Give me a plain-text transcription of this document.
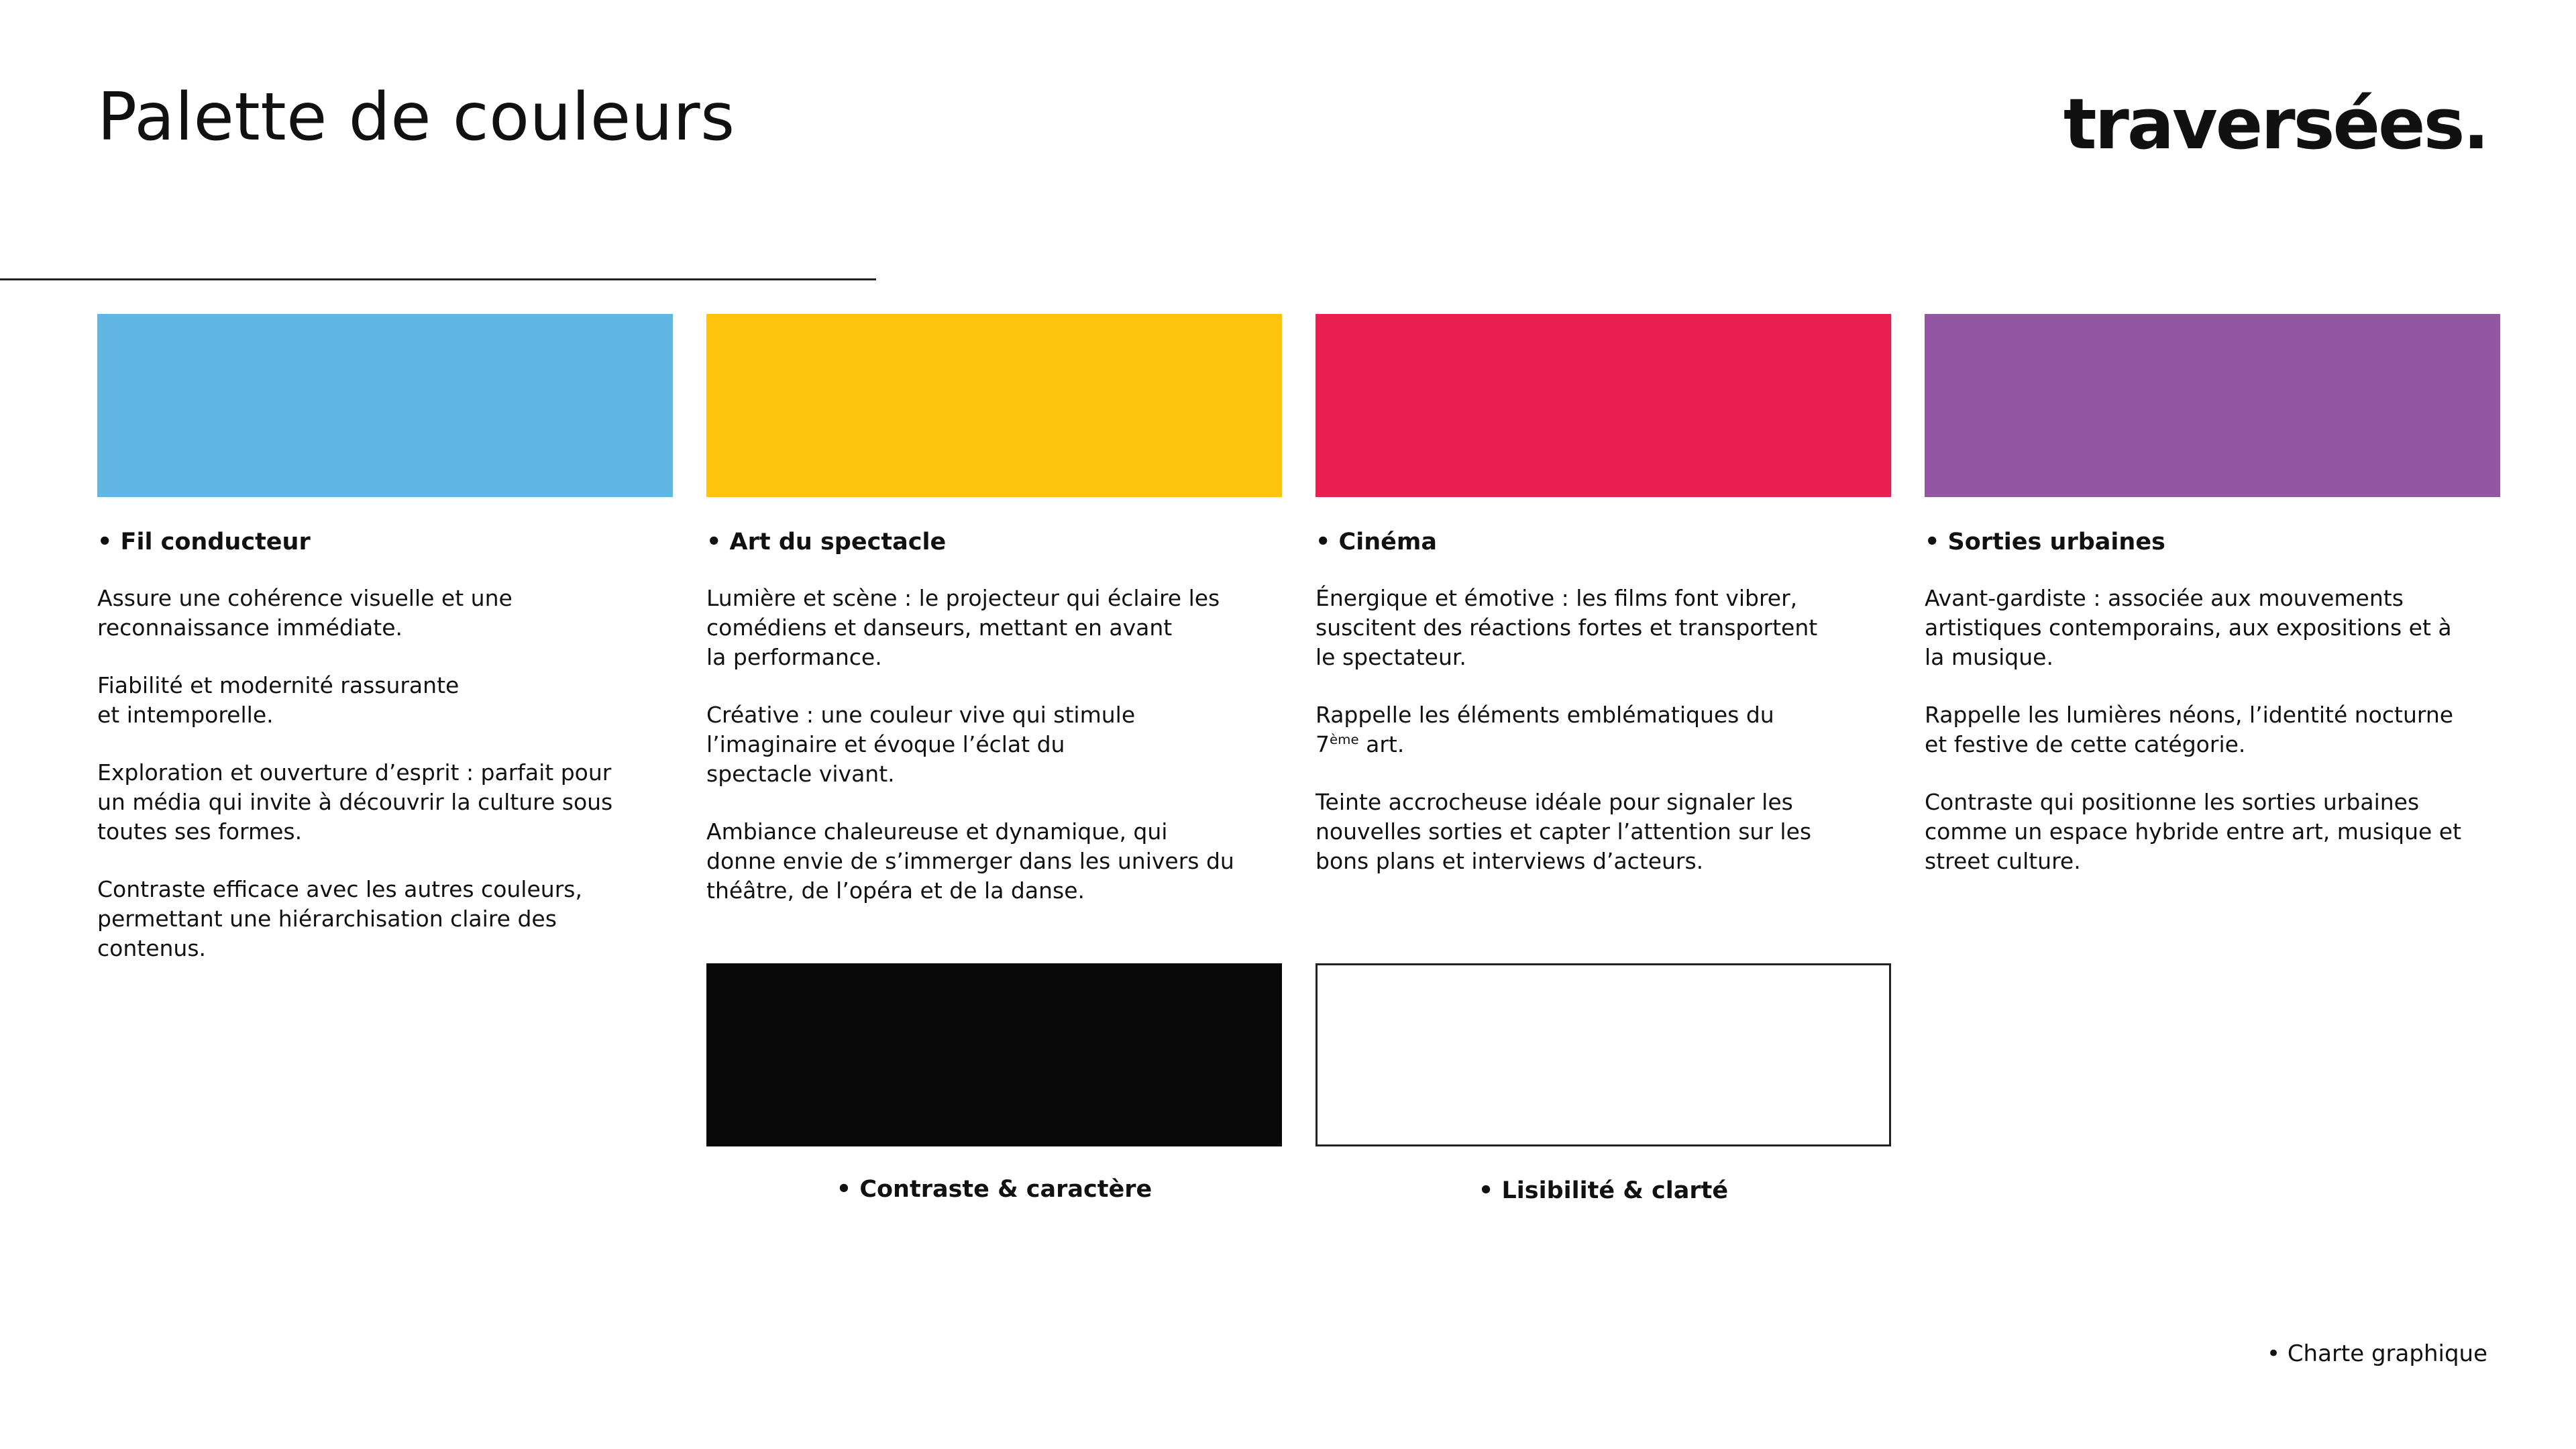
Palette de couleurs	traversées.

• Fil conducteur

Assure une cohérence visuelle et une
reconnaissance immédiate.

Fiabilité et modernité rassurante
et intemporelle.

Exploration et ouverture d’esprit : parfait pour
un média qui invite à découvrir la culture sous
toutes ses formes.

Contraste efficace avec les autres couleurs,
permettant une hiérarchisation claire des
contenus.

• Art du spectacle

Lumière et scène : le projecteur qui éclaire les
comédiens et danseurs, mettant en avant
la performance.

Créative : une couleur vive qui stimule
l’imaginaire et évoque l’éclat du
spectacle vivant.

Ambiance chaleureuse et dynamique, qui
donne envie de s’immerger dans les univers du
théâtre, de l’opéra et de la danse.

• Cinéma

Énergique et émotive : les films font vibrer,
suscitent des réactions fortes et transportent
le spectateur.

Rappelle les éléments emblématiques du
7ème art.

Teinte accrocheuse idéale pour signaler les
nouvelles sorties et capter l’attention sur les
bons plans et interviews d’acteurs.

• Sorties urbaines

Avant-gardiste : associée aux mouvements
artistiques contemporains, aux expositions et à
la musique.

Rappelle les lumières néons, l’identité nocturne
et festive de cette catégorie.

Contraste qui positionne les sorties urbaines
comme un espace hybride entre art, musique et
street culture.

• Contraste & caractère	• Lisibilité & clarté

• Charte graphique
